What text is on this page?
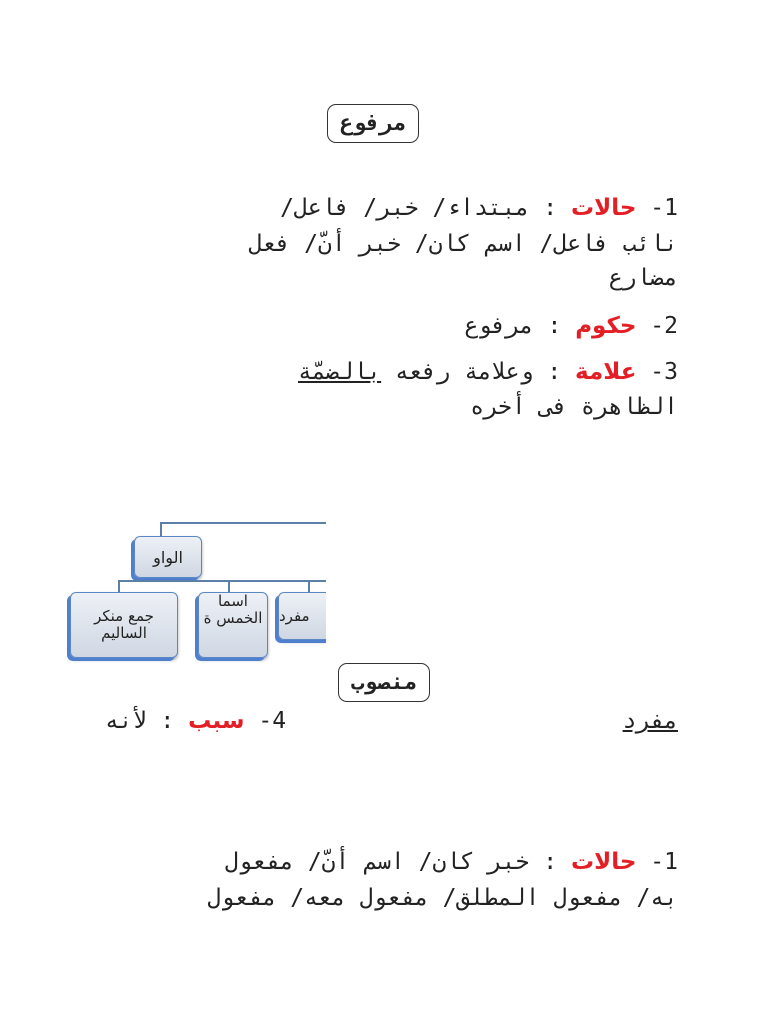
مرفوع
1- حالات : مبتداء/ خبر/ فاعل/
نائب فاعل/ اسم كان/ خبر أنّ/ فعل
مضارع
2- حكوم : مرفوع
3- علامة : وعلامة رفعه بالضمّة
الظاهرة فى أخره
الواو
جمع منكر السالیم
اسما الخمس ة	مفرد
منصوب
4- سبب : لأنه	مفرد
1- حالات : خبر كان/ اسم أنّ/ مفعول
به/ مفعول المطلق/ مفعول معه/ مفعول
